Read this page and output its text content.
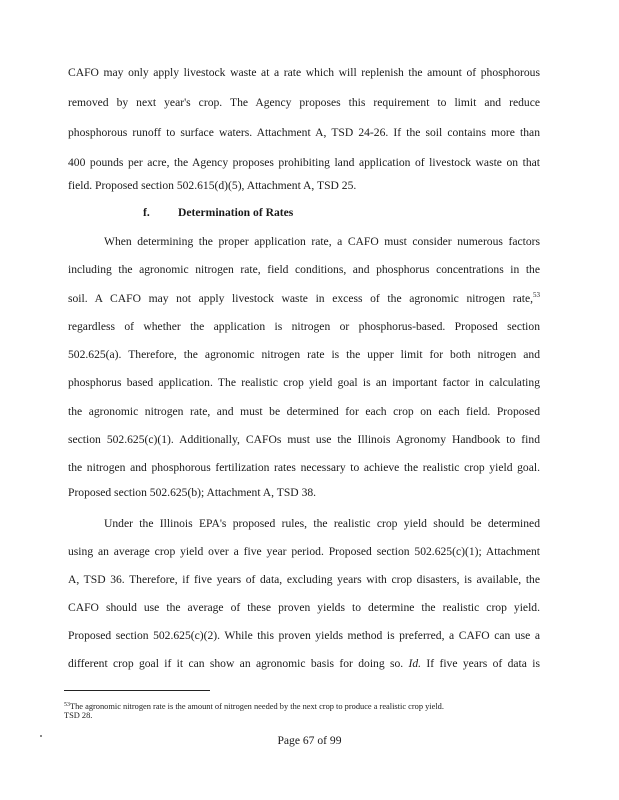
CAFO may only apply livestock waste at a rate which will replenish the amount of phosphorous
removed by next year's crop. The Agency proposes this requirement to limit and reduce
phosphorous runoff to surface waters. Attachment A, TSD 24-26. If the soil contains more than
400 pounds per acre, the Agency proposes prohibiting land application of livestock waste on that
field. Proposed section 502.615(d)(5), Attachment A, TSD 25.
f. Determination of Rates
When determining the proper application rate, a CAFO must consider numerous factors
including the agronomic nitrogen rate, field conditions, and phosphorus concentrations in the
soil. A CAFO may not apply livestock waste in excess of the agronomic nitrogen rate,$^{53}$
regardless of whether the application is nitrogen or phosphorus-based. Proposed section
502.625(a). Therefore, the agronomic nitrogen rate is the upper limit for both nitrogen and
phosphorus based application. The realistic crop yield goal is an important factor in calculating
the agronomic nitrogen rate, and must be determined for each crop on each field. Proposed
section 502.625(c)(1). Additionally, CAFOs must use the Illinois Agronomy Handbook to find
the nitrogen and phosphorous fertilization rates necessary to achieve the realistic crop yield goal.
Proposed section 502.625(b); Attachment A, TSD 38.
Under the Illinois EPA's proposed rules, the realistic crop yield should be determined
using an average crop yield over a five year period. Proposed section 502.625(c)(1); Attachment
A, TSD 36. Therefore, if five years of data, excluding years with crop disasters, is available, the
CAFO should use the average of these proven yields to determine the realistic crop yield.
Proposed section 502.625(c)(2). While this proven yields method is preferred, a CAFO can use a
different crop goal if it can show an agronomic basis for doing so. Id. If five years of data is
$^{53}$The agronomic nitrogen rate is the amount of nitrogen needed by the next crop to produce a realistic crop yield.
TSD 28.
Page 67 of 99
